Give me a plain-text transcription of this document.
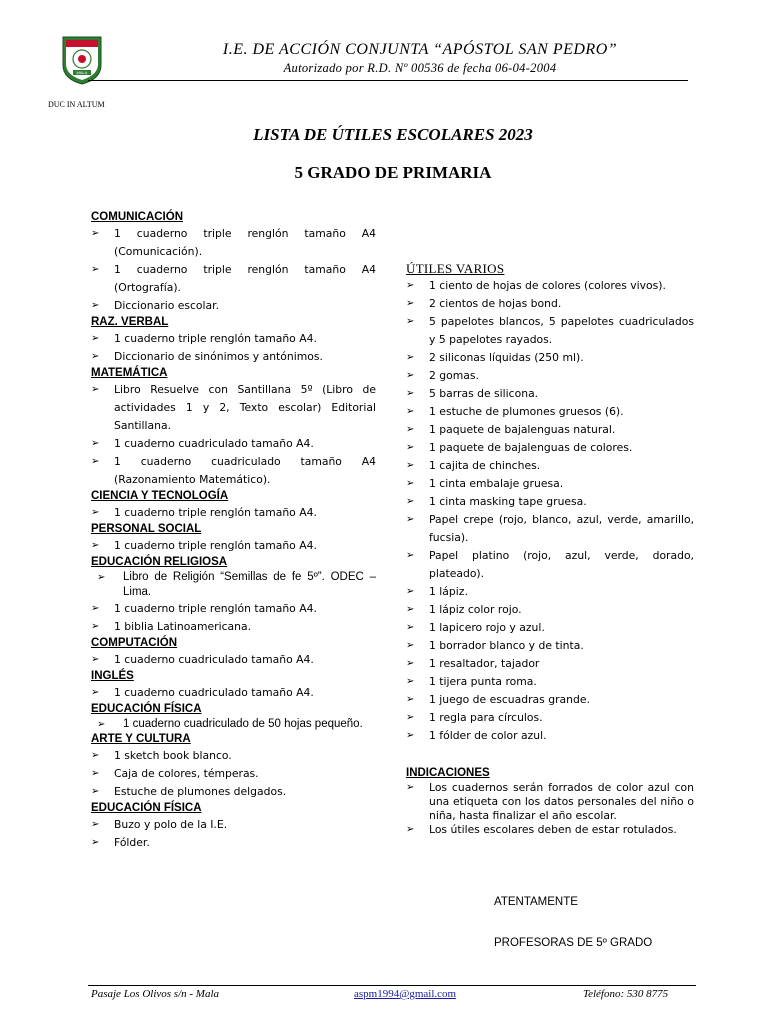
MALA
I.E. DE ACCIÓN CONJUNTA “APÓSTOL SAN PEDRO”
Autorizado por R.D. Nº 00536 de fecha 06-04-2004
DUC IN ALTUM
LISTA DE ÚTILES ESCOLARES 2023
5 GRADO DE PRIMARIA
COMUNICACIÓN
➢ 1 cuaderno triple renglón tamaño A4 (Comunicación).
➢ 1 cuaderno triple renglón tamaño A4 (Ortografía).
➢ Diccionario escolar.
RAZ. VERBAL
➢ 1 cuaderno triple renglón tamaño A4.
➢ Diccionario de sinónimos y antónimos.
MATEMÁTICA
➢ Libro Resuelve con Santillana 5º (Libro de actividades 1 y 2, Texto escolar) Editorial Santillana.
➢ 1 cuaderno cuadriculado tamaño A4.
➢ 1 cuaderno cuadriculado tamaño A4 (Razonamiento Matemático).
CIENCIA Y TECNOLOGÍA
➢ 1 cuaderno triple renglón tamaño A4.
PERSONAL SOCIAL
➢ 1 cuaderno triple renglón tamaño A4.
EDUCACIÓN RELIGIOSA
➢ Libro de Religión “Semillas de fe 5º”. ODEC – Lima.
➢ 1 cuaderno triple renglón tamaño A4.
➢ 1 biblia Latinoamericana.
COMPUTACIÓN
➢ 1 cuaderno cuadriculado tamaño A4.
INGLÉS
➢ 1 cuaderno cuadriculado tamaño A4.
EDUCACIÓN FÍSICA
➢ 1 cuaderno cuadriculado de 50 hojas pequeño.
ARTE Y CULTURA
➢ 1 sketch book blanco.
➢ Caja de colores, témperas.
➢ Estuche de plumones delgados.
EDUCACIÓN FÍSICA
➢ Buzo y polo de la I.E.
➢ Fólder.
ÚTILES VARIOS
➢ 1 ciento de hojas de colores (colores vivos).
➢ 2 cientos de hojas bond.
➢ 5 papelotes blancos, 5 papelotes cuadriculados y 5 papelotes rayados.
➢ 2 siliconas líquidas (250 ml).
➢ 2 gomas.
➢ 5 barras de silicona.
➢ 1 estuche de plumones gruesos (6).
➢ 1 paquete de bajalenguas natural.
➢ 1 paquete de bajalenguas de colores.
➢ 1 cajita de chinches.
➢ 1 cinta embalaje gruesa.
➢ 1 cinta masking tape gruesa.
➢ Papel crepe (rojo, blanco, azul, verde, amarillo, fucsia).
➢ Papel platino (rojo, azul, verde, dorado, plateado).
➢ 1 lápiz.
➢ 1 lápiz color rojo.
➢ 1 lapicero rojo y azul.
➢ 1 borrador blanco y de tinta.
➢ 1 resaltador, tajador
➢ 1 tijera punta roma.
➢ 1 juego de escuadras grande.
➢ 1 regla para círculos.
➢ 1 fólder de color azul.
INDICACIONES
➢ Los cuadernos serán forrados de color azul con una etiqueta con los datos personales del niño o niña, hasta finalizar el año escolar.
➢ Los útiles escolares deben de estar rotulados.
ATENTAMENTE
PROFESORAS DE 5º GRADO
Pasaje Los Olivos s/n - Mala	aspm1994@gmail.com	Teléfono: 530 8775
